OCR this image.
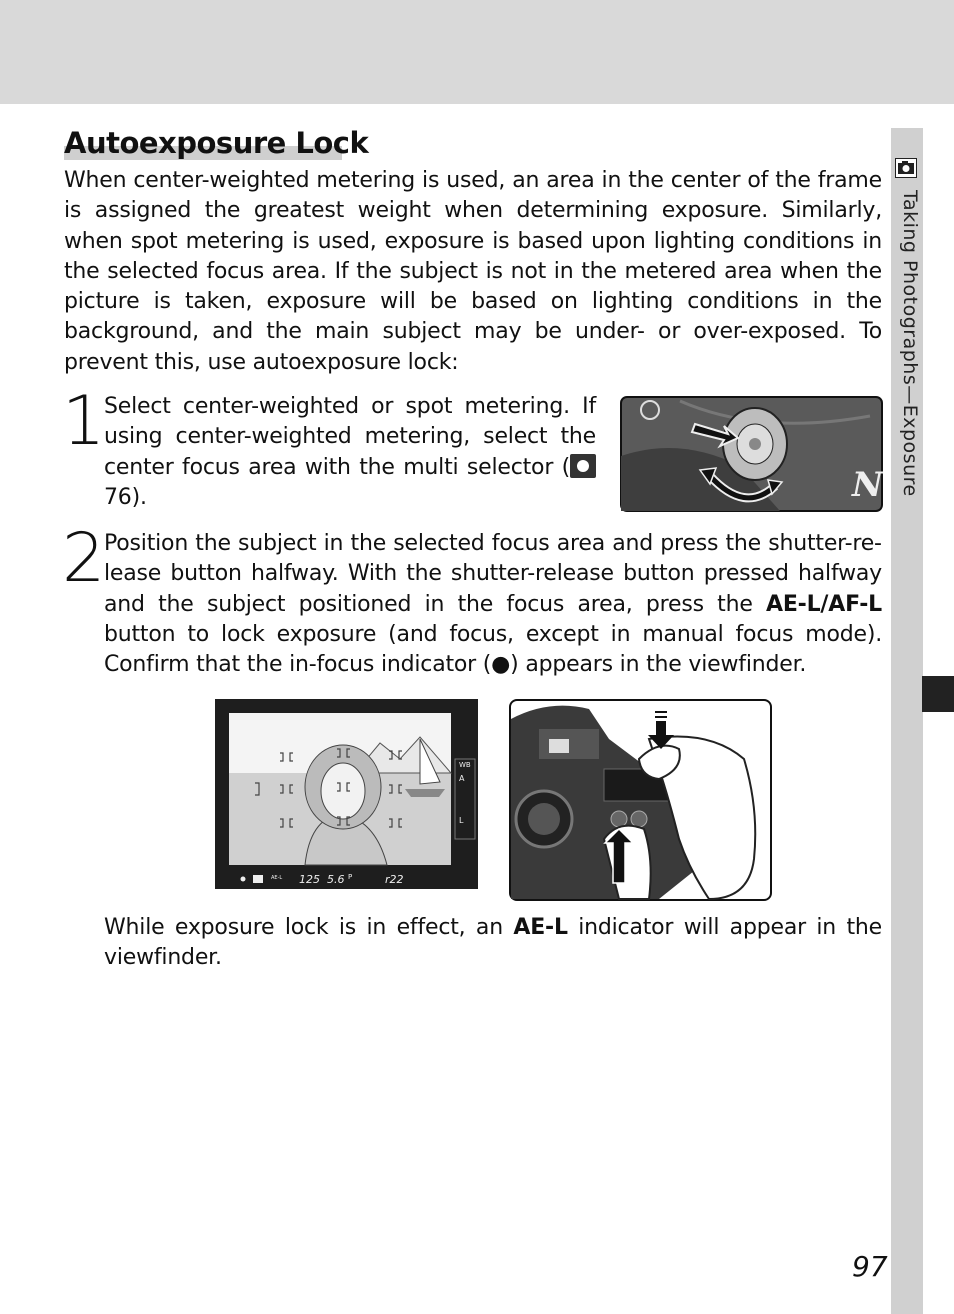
Taking Photographs—Exposure
Autoexposure Lock
When center-weighted metering is used, an area in the center of the frame is assigned the greatest weight when determining exposure. Similarly, when spot metering is used, exposure is based upon lighting conditions in the selected focus area. If the subject is not in the metered area when the picture is taken, exposure will be based on lighting conditions in the background, and the main subject may be under- or over-exposed. To prevent this, use autoexposure lock:
1
Select center-weighted or spot metering. If using center-weighted metering, select the center focus area with the multi selector ( 76).	N
2
Position the subject in the selected focus area and press the shutter-release button halfway. With the shutter-release button pressed halfway and the subject positioned in the focus area, press the AE-L/AF-L button to lock exposure (and focus, except in manual focus mode). Confirm that the in-focus indicator (●) appears in the viewfinder.
WB
A
L
AE-L 125 5.6 P	r22
While exposure lock is in effect, an AE-L indicator will appear in the viewfinder.
97
